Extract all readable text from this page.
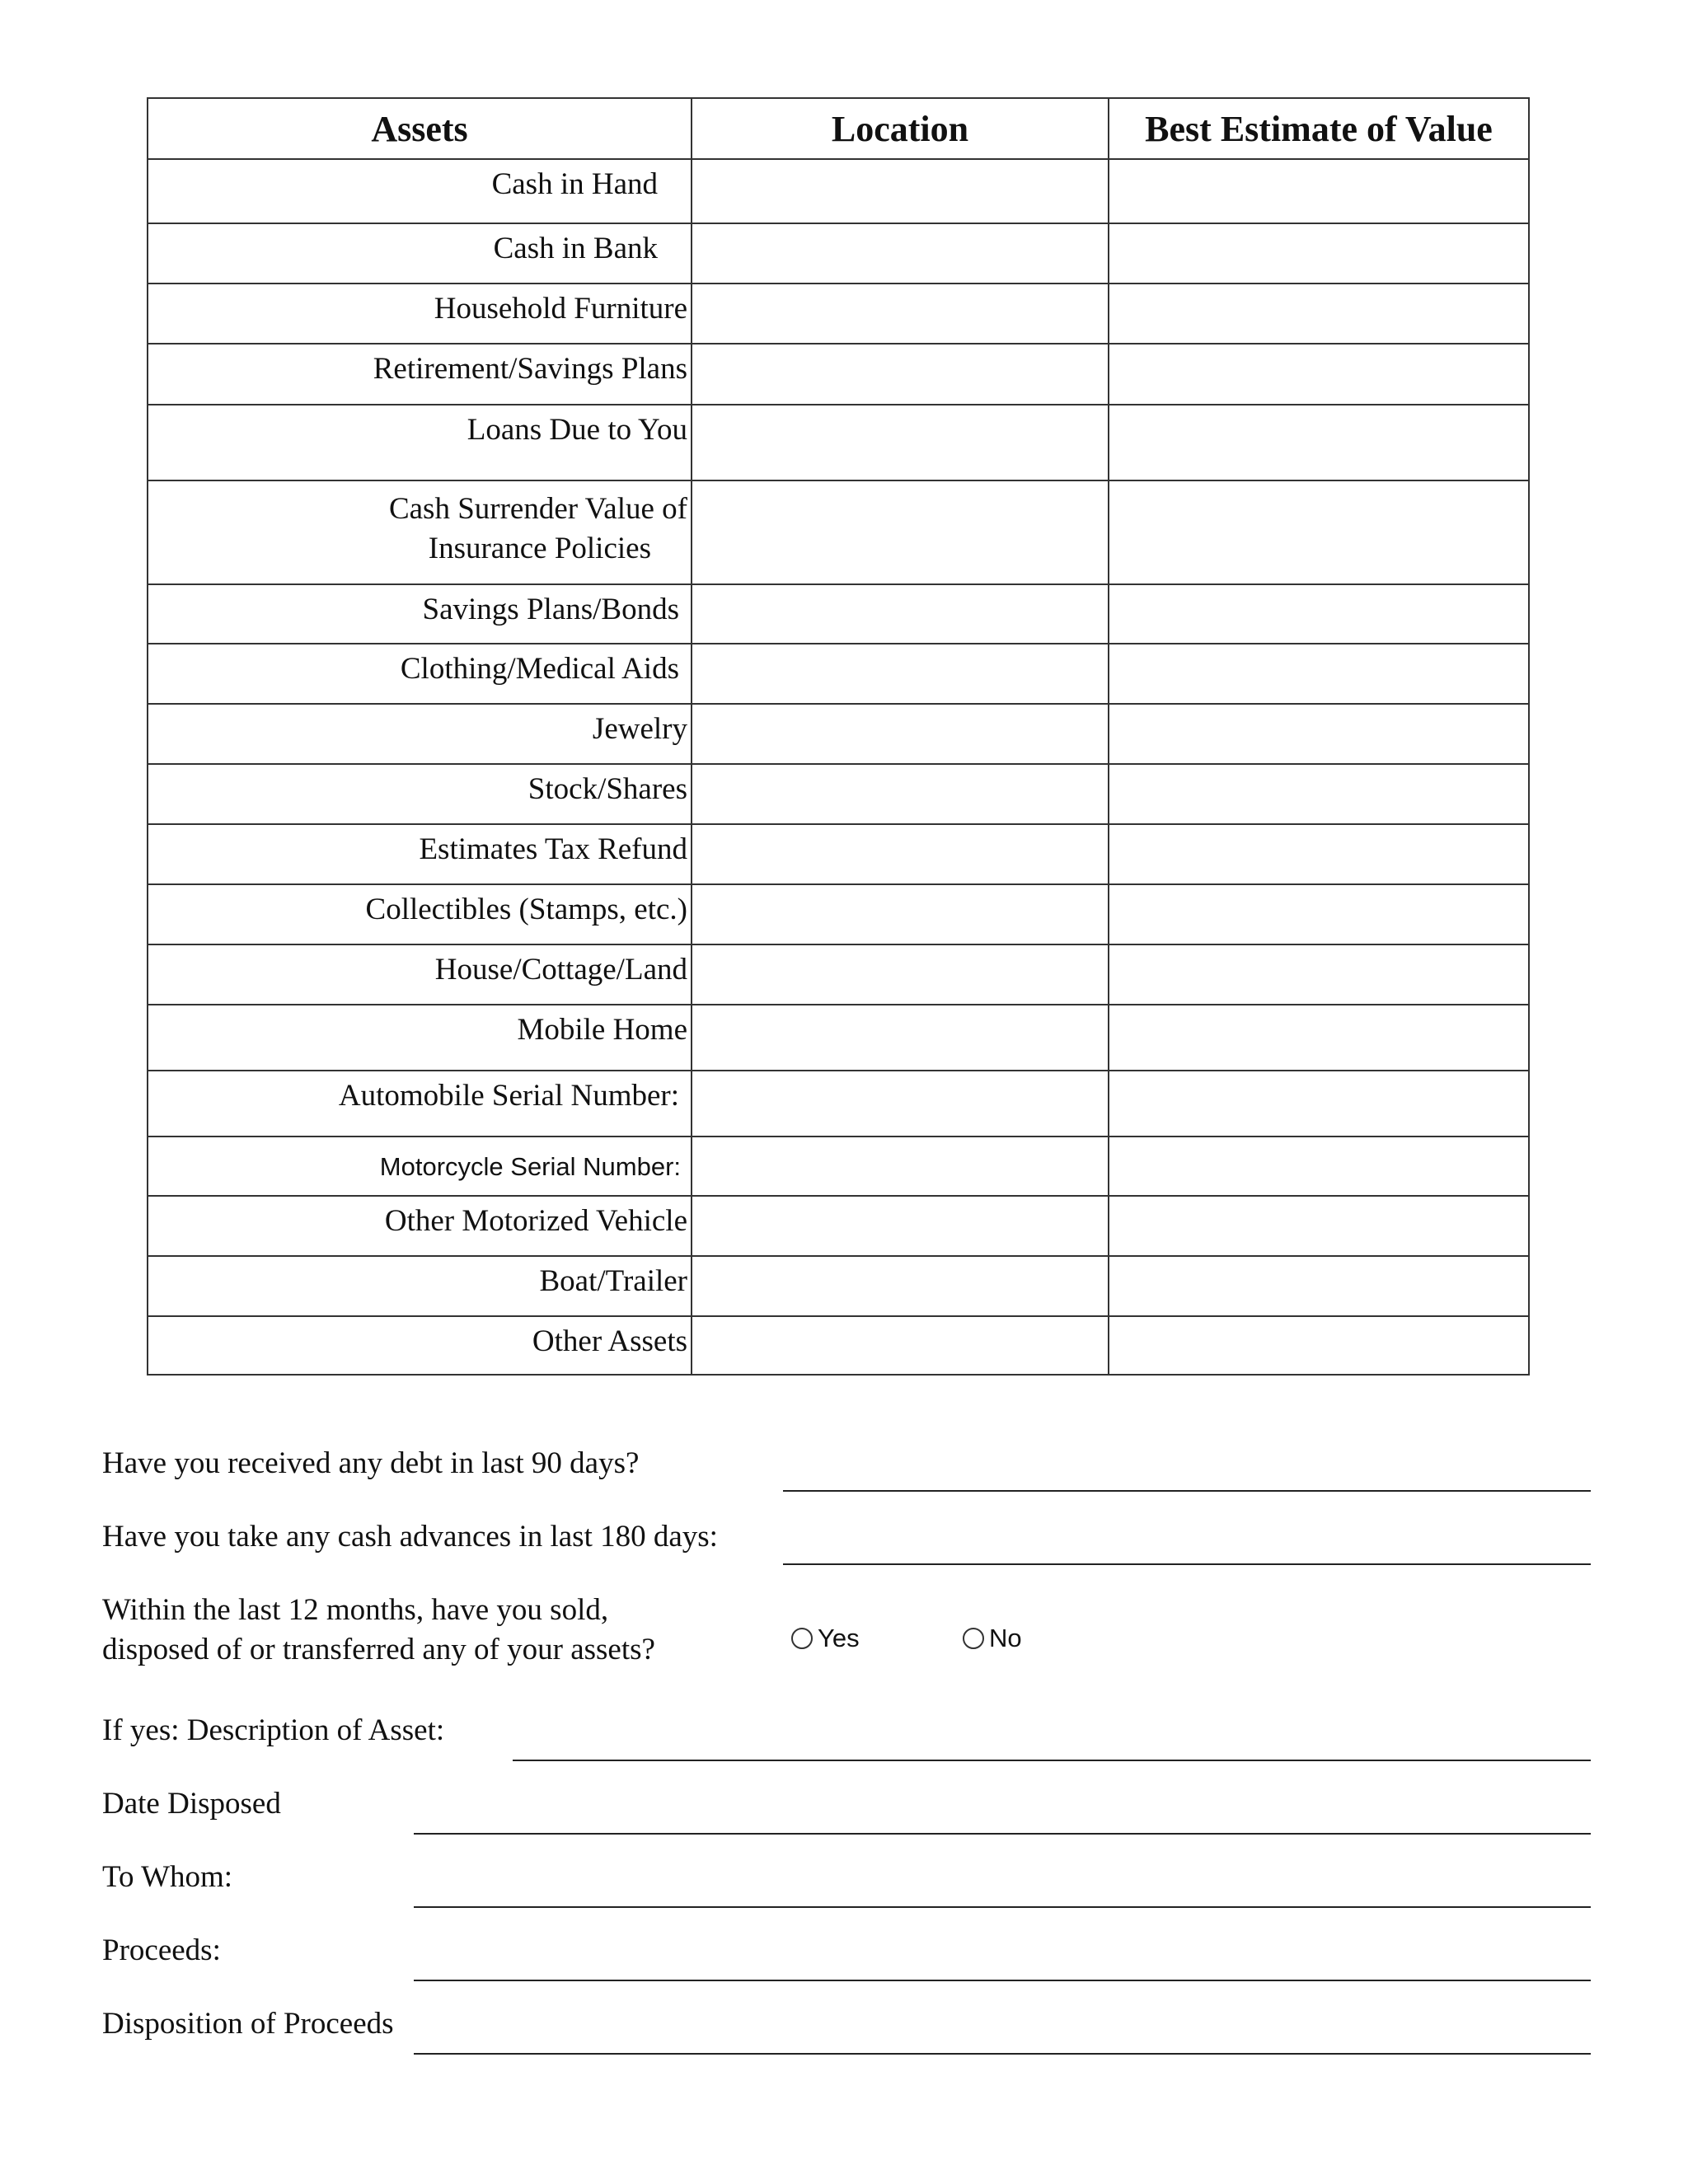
Assets	Location	Best Estimate of Value
Cash in Hand		
Cash in Bank		
Household Furniture		
Retirement/Savings Plans		
Loans Due to You		
Cash Surrender Value of
Insurance Policies		

Savings Plans/Bonds		
Clothing/Medical Aids		
Jewelry		
Stock/Shares		
Estimates Tax Refund		
Collectibles (Stamps, etc.)		
House/Cottage/Land		
Mobile Home		
Automobile Serial Number:		
Motorcycle Serial Number:		
Other Motorized Vehicle		
Boat/Trailer		
Other Assets		
Have you received any debt in last 90 days?
Have you take any cash advances in last 180 days:
Within the last 12 months, have you sold,
disposed of or transferred any of your assets?	Yes	No
If yes: Description of Asset:
Date Disposed
To Whom:
Proceeds:
Disposition of Proceeds
